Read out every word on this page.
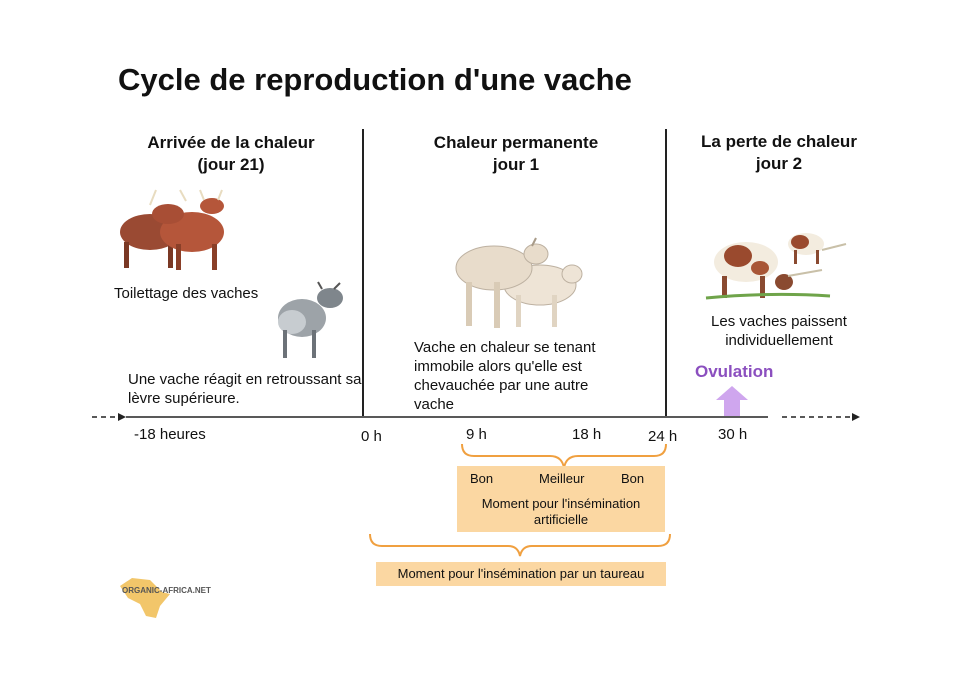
Cycle de reproduction d'une vache
Arrivée de la chaleur
(jour 21)
Chaleur permanente
jour 1
La perte de chaleur
jour 2
Toilettage des vaches
Une vache réagit en retroussant sa lèvre supérieure.
Vache en chaleur se tenant immobile alors qu'elle est chevauchée par une autre vache
Les vaches paissent individuellement
Ovulation
-18 heures	0 h	9 h	18 h	24 h	30 h
Bon	Meilleur	Bon
Moment pour l'insémination artificielle
Moment pour l'insémination par un taureau
ORGANIC-AFRICA.NET
